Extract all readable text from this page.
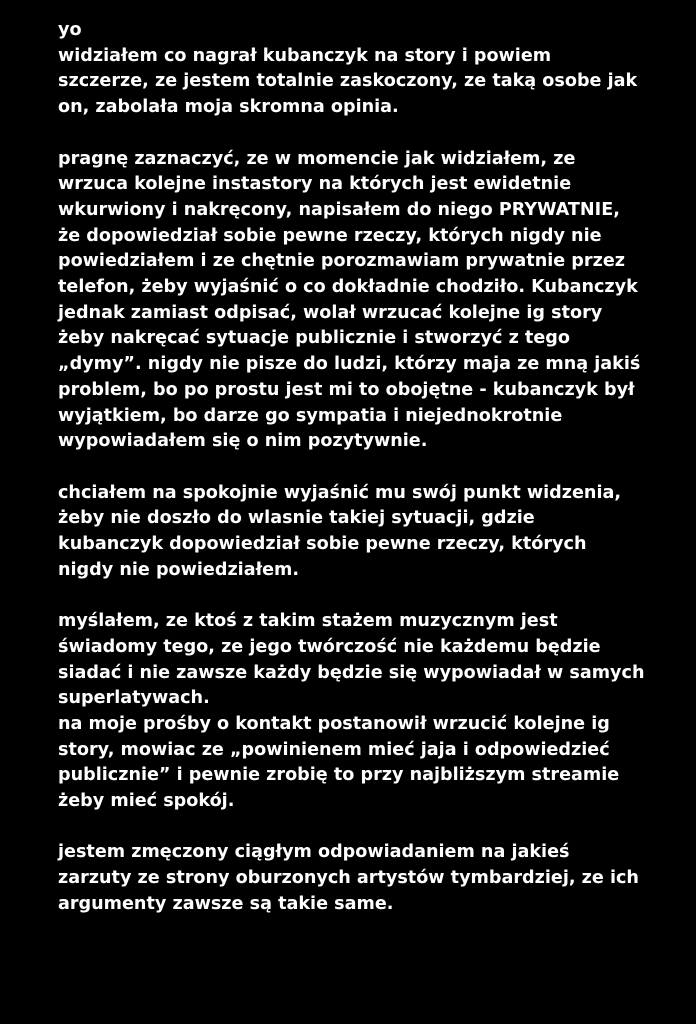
yo
widziałem co nagrał kubanczyk na story i powiem
szczerze, ze jestem totalnie zaskoczony, ze taką osobe jak
on, zabolała moja skromna opinia.
pragnę zaznaczyć, ze w momencie jak widziałem, ze
wrzuca kolejne instastory na których jest ewidetnie
wkurwiony i nakręcony, napisałem do niego PRYWATNIE,
że dopowiedział sobie pewne rzeczy, których nigdy nie
powiedziałem i ze chętnie porozmawiam prywatnie przez
telefon, żeby wyjaśnić o co dokładnie chodziło. Kubanczyk
jednak zamiast odpisać, wolał wrzucać kolejne ig story
żeby nakręcać sytuacje publicznie i stworzyć z tego
„dymy”. nigdy nie pisze do ludzi, którzy maja ze mną jakiś
problem, bo po prostu jest mi to obojętne - kubanczyk był
wyjątkiem, bo darze go sympatia i niejednokrotnie
wypowiadałem się o nim pozytywnie.
chciałem na spokojnie wyjaśnić mu swój punkt widzenia,
żeby nie doszło do wlasnie takiej sytuacji, gdzie
kubanczyk dopowiedział sobie pewne rzeczy, których
nigdy nie powiedziałem.
myślałem, ze ktoś z takim stażem muzycznym jest
świadomy tego, ze jego twórczość nie każdemu będzie
siadać i nie zawsze każdy będzie się wypowiadał w samych
superlatywach.
na moje prośby o kontakt postanowił wrzucić kolejne ig
story, mowiac ze „powinienem mieć jaja i odpowiedzieć
publicznie” i pewnie zrobię to przy najbliższym streamie
żeby mieć spokój.
jestem zmęczony ciągłym odpowiadaniem na jakieś
zarzuty ze strony oburzonych artystów tymbardziej, ze ich
argumenty zawsze są takie same.
